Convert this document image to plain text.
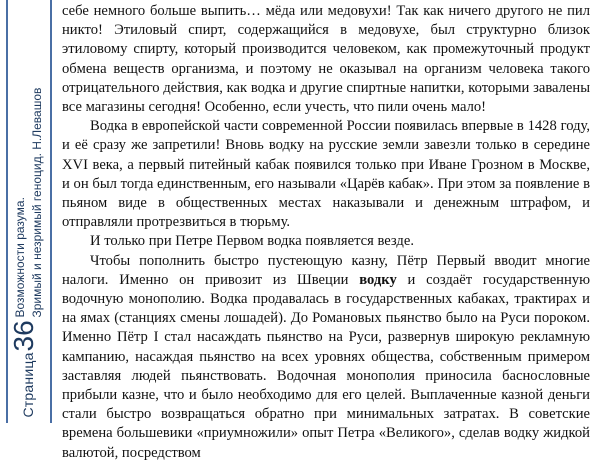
Страница36
Возможности разума. Зримый и незримый геноцид. Н.Левашов

себе немного больше выпить… мёда или медовухи! Так как ничего другого не пил никто! Этиловый спирт, содержащийся в медовухе, был структурно близок этиловому спирту, который производится человеком, как промежуточный продукт обмена веществ организма, и поэтому не оказывал на организм человека такого отрицательного действия, как водка и другие спиртные напитки, которыми завалены все магазины сегодня! Особенно, если учесть, что пили очень мало!

Водка в европейской части современной России появилась впервые в 1428 году, и её сразу же запретили! Вновь водку на русские земли завезли только в середине XVI века, а первый питейный кабак появился только при Иване Грозном в Москве, и он был тогда единственным, его называли «Царёв кабак». При этом за появление в пьяном виде в общественных местах наказывали и денежным штрафом, и отправляли протрезвиться в тюрьму.

И только при Петре Первом водка появляется везде.

Чтобы пополнить быстро пустеющую казну, Пётр Первый вводит многие налоги. Именно он привозит из Швеции водку и создаёт государственную водочную монополию. Водка продавалась в государственных кабаках, трактирах и на ямах (станциях смены лошадей). До Романовых пьянство было на Руси пороком. Именно Пётр I стал насаждать пьянство на Руси, развернув широкую рекламную кампанию, насаждая пьянство на всех уровнях общества, собственным примером заставляя людей пьянствовать. Водочная монополия приносила баснословные прибыли казне, что и было необходимо для его целей. Выплаченные казной деньги стали быстро возвращаться обратно при минимальных затратах. В советские времена большевики «приумножили» опыт Петра «Великого», сделав водку жидкой валютой, посредством
